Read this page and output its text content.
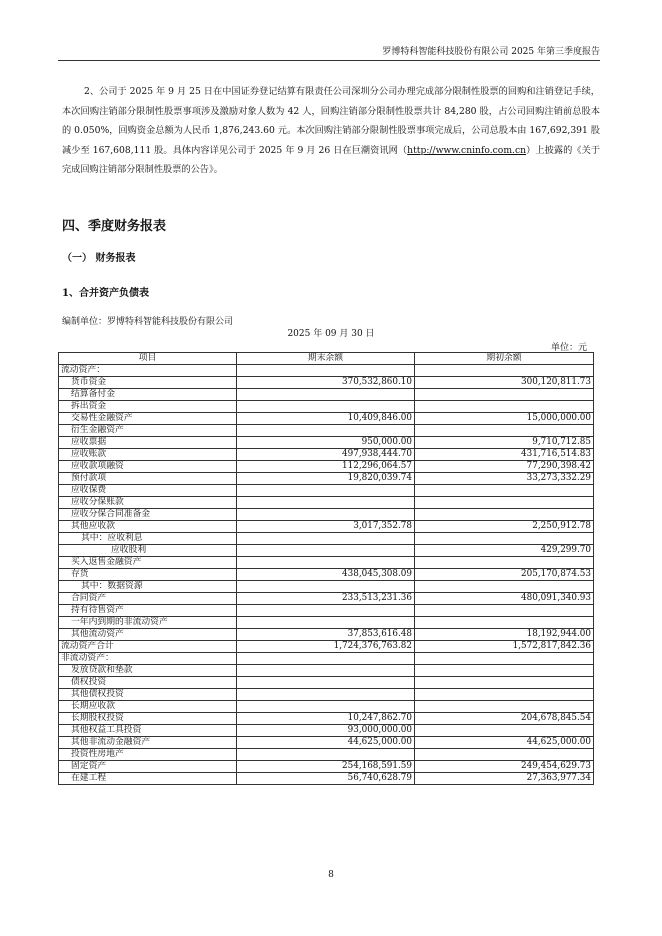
罗博特科智能科技股份有限公司 2025 年第三季度报告

2、公司于 2025 年 9 月 25 日在中国证券登记结算有限责任公司深圳分公司办理完成部分限制性股票的回购和注销登记手续，本次回购注销部分限制性股票事项涉及激励对象人数为 42 人，回购注销部分限制性股票共计 84,280 股，占公司回购注销前总股本的 0.050%，回购资金总额为人民币 1,876,243.60 元。本次回购注销部分限制性股票事项完成后，公司总股本由 167,692,391 股减少至 167,608,111 股。具体内容详见公司于 2025 年 9 月 26 日在巨潮资讯网（http://www.cninfo.com.cn）上披露的《关于完成回购注销部分限制性股票的公告》。

四、季度财务报表
（一） 财务报表
1、合并资产负债表
编制单位：罗博特科智能科技股份有限公司
2025 年 09 月 30 日
单位：元
项目	期末余额	期初余额
流动资产：		
货币资金	370,532,860.10	300,120,811.73
结算备付金		
拆出资金		
交易性金融资产	10,409,846.00	15,000,000.00
衍生金融资产		
应收票据	950,000.00	9,710,712.85
应收账款	497,938,444.70	431,716,514.83
应收款项融资	112,296,064.57	77,290,398.42
预付款项	19,820,039.74	33,273,332.29
应收保费		
应收分保账款		
应收分保合同准备金		
其他应收款	3,017,352.78	2,250,912.78
其中：应收利息		
应收股利		429,299.70
买入返售金融资产		
存货	438,045,308.09	205,170,874.53
其中：数据资源		
合同资产	233,513,231.36	480,091,340.93
持有待售资产		
一年内到期的非流动资产		
其他流动资产	37,853,616.48	18,192,944.00
流动资产合计	1,724,376,763.82	1,572,817,842.36
非流动资产：		
发放贷款和垫款		
债权投资		
其他债权投资		
长期应收款		
长期股权投资	10,247,862.70	204,678,845.54
其他权益工具投资	93,000,000.00	
其他非流动金融资产	44,625,000.00	44,625,000.00
投资性房地产		
固定资产	254,168,591.59	249,454,629.73
在建工程	56,740,628.79	27,363,977.34
8
